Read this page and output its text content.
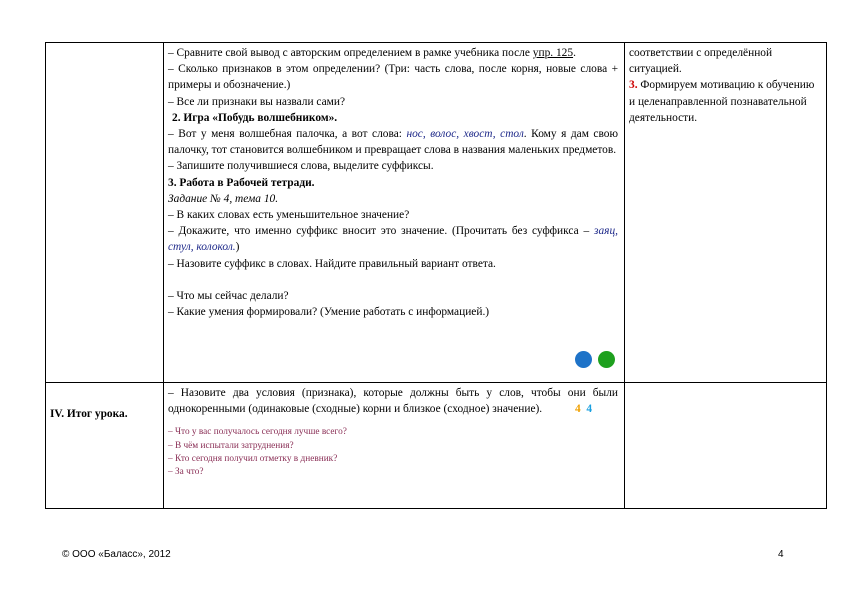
– Сравните свой вывод с авторским определением в рамке учебника после упр. 125.

– Сколько признаков в этом определении? (Три: часть слова, после корня, новые слова + примеры и обозначение.)

– Все ли признаки вы назвали сами?

2. Игра «Побудь волшебником».

– Вот у меня волшебная палочка, а вот слова: нос, волос, хвост, стол. Кому я дам свою палочку, тот становится волшебником и превращает слова в названия маленьких предметов.

– Запишите получившиеся слова, выделите суффиксы.

3. Работа в Рабочей тетради.

Задание № 4, тема 10.

– В каких словах есть уменьшительное значение?

– Докажите, что именно суффикс вносит это значение. (Прочитать без суффикса – заяц, стул, колокол.)

– Назовите суффикс в словах. Найдите правильный вариант ответа.

– Что мы сейчас делали?

– Какие умения формировали? (Умение работать с информацией.)

соответствии с определённой ситуацией.

3. Формируем мотивацию к обучению и целенаправленной познавательной деятельности.

IV. Итог урока.

– Назовите два условия (признака), которые должны быть у слов, чтобы они были однокоренными (одинаковые (сходные) корни и близкое (сходное) значение).	4 4

– Что у вас получалось сегодня лучше всего?

– В чём испытали затруднения?

– Кто сегодня получил отметку в дневник?

– За что?

© ООО «Баласс», 2012	4
